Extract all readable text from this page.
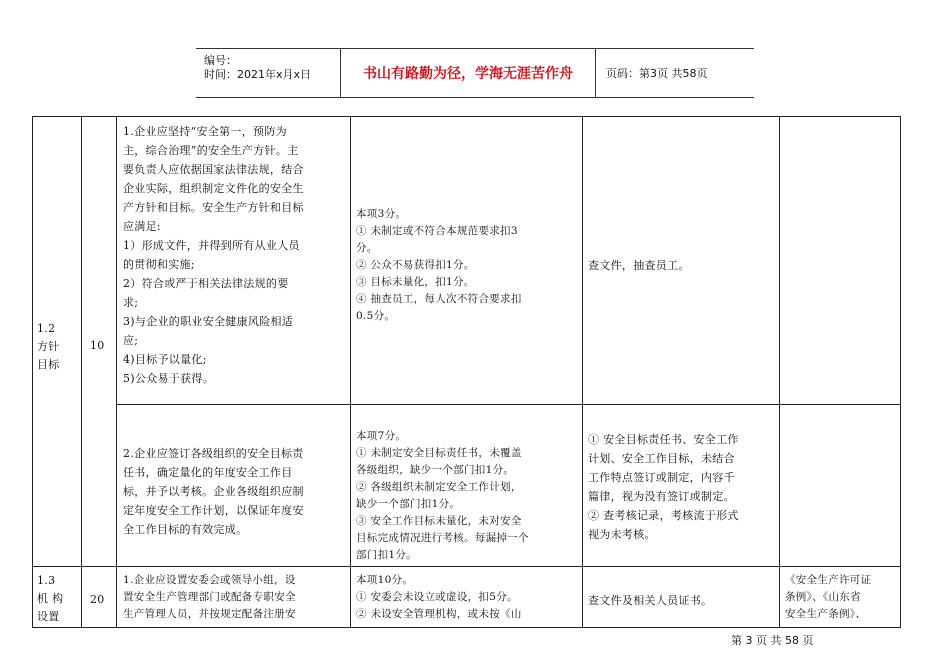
编号：
时间：2021年x月x日	书山有路勤为径，学海无涯苦作舟	页码：第3页 共58页

1.2

方针

目标

10

1.企业应坚持“安全第一，预防为

主，综合治理”的安全生产方针。主

要负责人应依据国家法律法规，结合

企业实际，组织制定文件化的安全生

产方针和目标。安全生产方针和目标

应满足:

1）形成文件，并得到所有从业人员

的贯彻和实施;

2）符合或严于相关法律法规的要

求;

3)与企业的职业安全健康风险相适

应;

4)目标予以量化;

5)公众易于获得。

本项3分。

① 未制定或不符合本规范要求扣3

分。

② 公众不易获得扣1分。

③ 目标未量化，扣1分。

④ 抽查员工，每人次不符合要求扣

0.5分。

查文件，抽查员工。

2.企业应签订各级组织的安全目标责

任书，确定量化的年度安全工作目

标，并予以考核。企业各级组织应制

定年度安全工作计划，以保证年度安

全工作目标的有效完成。

本项7分。

① 未制定安全目标责任书，未覆盖

各级组织，缺少一个部门扣1分。

② 各级组织未制定安全工作计划，

缺少一个部门扣1分。

③ 安全工作目标未量化，未对安全

目标完成情况进行考核。每漏掉一个

部门扣1分。

① 安全目标责任书、安全工作

计划、安全工作目标，未结合

工作特点签订或制定，内容千

篇律，视为没有签订或制定。

② 查考核记录，考核流于形式

视为未考核。

1.3

机 构

设置

20

1.企业应设置安委会或领导小组，设

置安全生产管理部门或配备专职安全

生产管理人员，并按规定配备注册安

本项10分。

① 安委会未设立或虚设，扣5分。

② 未设安全管理机构，或未按《山

查文件及相关人员证书。

《安全生产许可证

条例》、《山东省

安全生产条例》、

第 3 页 共 58 页
